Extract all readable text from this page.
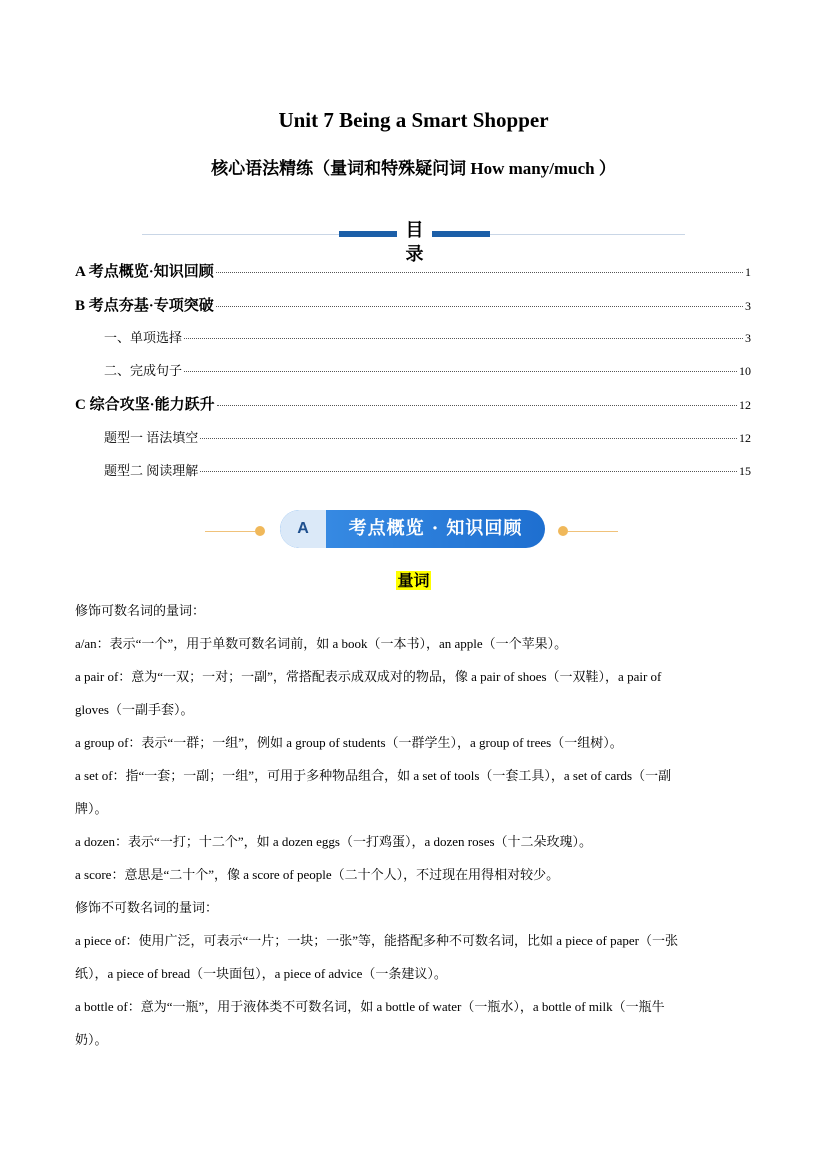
Unit 7 Being a Smart Shopper
核心语法精练（量词和特殊疑问词 How many/much ）
目录
A 考点概览·知识回顾	1
B 考点夯基·专项突破	3
一、单项选择	3
二、完成句子	10
C 综合攻坚·能力跃升	12
题型一 语法填空	12
题型二 阅读理解	15
A	考点概览 · 知识回顾
量词

修饰可数名词的量词：

a/an：表示“一个”，用于单数可数名词前，如 a book（一本书），an apple（一个苹果）。

a pair of：意为“一双；一对；一副”，常搭配表示成双成对的物品，像 a pair of shoes（一双鞋），a pair of

gloves（一副手套）。

a group of：表示“一群；一组”，例如 a group of students（一群学生），a group of trees（一组树）。

a set of：指“一套；一副；一组”，可用于多种物品组合，如 a set of tools（一套工具），a set of cards（一副

牌）。

a dozen：表示“一打；十二个”，如 a dozen eggs（一打鸡蛋），a dozen roses（十二朵玫瑰）。

a score：意思是“二十个”，像 a score of people（二十个人），不过现在用得相对较少。

修饰不可数名词的量词：

a piece of：使用广泛，可表示“一片；一块；一张”等，能搭配多种不可数名词，比如 a piece of paper（一张

纸），a piece of bread（一块面包），a piece of advice（一条建议）。

a bottle of：意为“一瓶”，用于液体类不可数名词，如 a bottle of water（一瓶水），a bottle of milk（一瓶牛

奶）。
